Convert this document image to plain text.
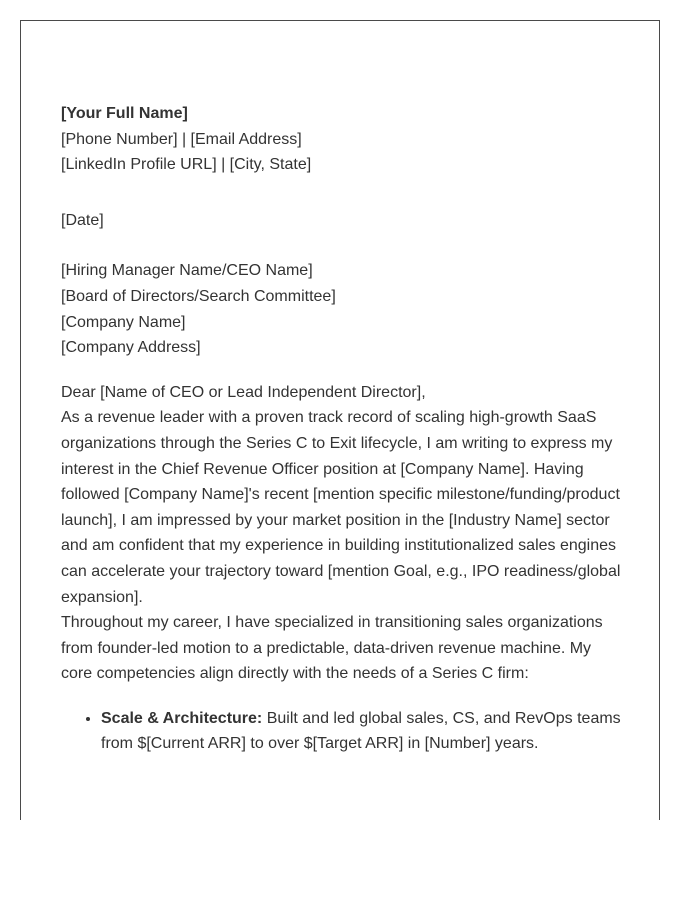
[Your Full Name]
[Phone Number] | [Email Address]
[LinkedIn Profile URL] | [City, State]
[Date]
[Hiring Manager Name/CEO Name]
[Board of Directors/Search Committee]
[Company Name]
[Company Address]
Dear [Name of CEO or Lead Independent Director],
As a revenue leader with a proven track record of scaling high-growth SaaS
organizations through the Series C to Exit lifecycle, I am writing to express my
interest in the Chief Revenue Officer position at [Company Name]. Having
followed [Company Name]'s recent [mention specific milestone/funding/product
launch], I am impressed by your market position in the [Industry Name] sector
and am confident that my experience in building institutionalized sales engines
can accelerate your trajectory toward [mention Goal, e.g., IPO readiness/global
expansion].
Throughout my career, I have specialized in transitioning sales organizations
from founder-led motion to a predictable, data-driven revenue machine. My
core competencies align directly with the needs of a Series C firm:
• Scale & Architecture: Built and led global sales, CS, and RevOps teams
from $[Current ARR] to over $[Target ARR] in [Number] years.
